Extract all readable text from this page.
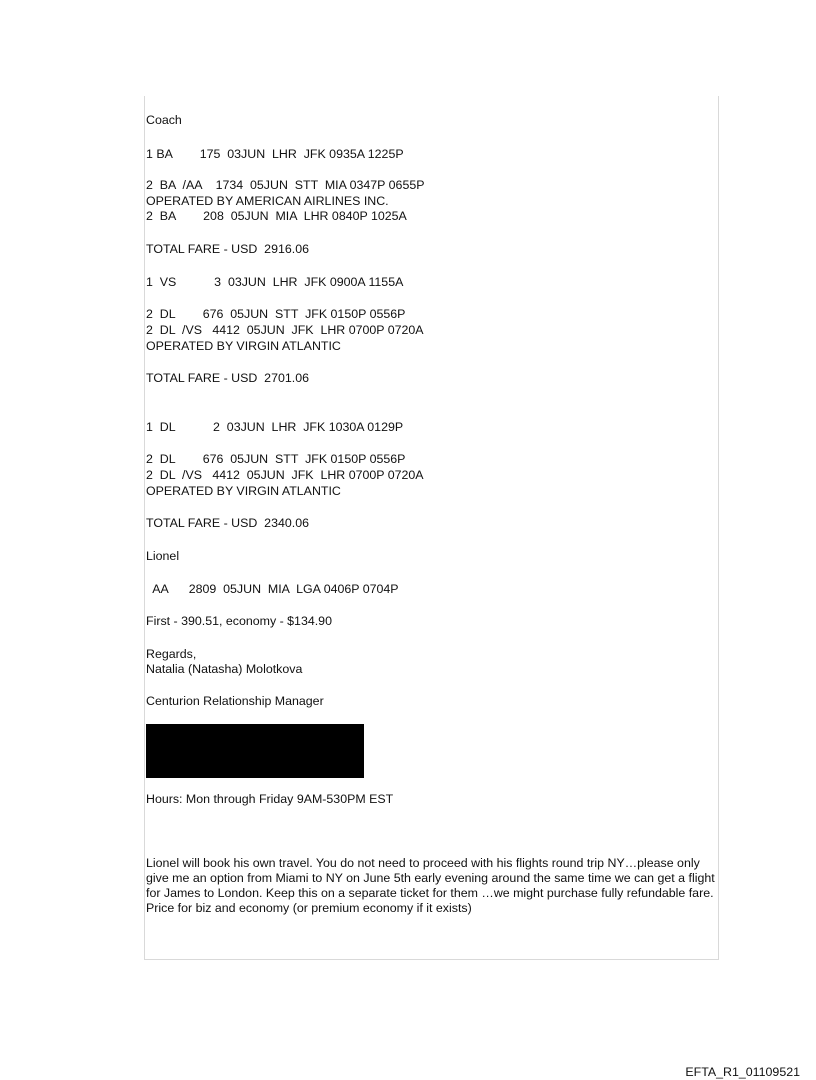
Coach

1 BA        175  03JUN  LHR  JFK 0935A 1225P

2  BA  /AA    1734  05JUN  STT  MIA 0347P 0655P

OPERATED BY AMERICAN AIRLINES INC.

2  BA        208  05JUN  MIA  LHR 0840P 1025A

TOTAL FARE - USD  2916.06

1  VS           3  03JUN  LHR  JFK 0900A 1155A

2  DL        676  05JUN  STT  JFK 0150P 0556P

2  DL  /VS   4412  05JUN  JFK  LHR 0700P 0720A

OPERATED BY VIRGIN ATLANTIC

TOTAL FARE - USD  2701.06

1  DL           2  03JUN  LHR  JFK 1030A 0129P

2  DL        676  05JUN  STT  JFK 0150P 0556P

2  DL  /VS   4412  05JUN  JFK  LHR 0700P 0720A

OPERATED BY VIRGIN ATLANTIC

TOTAL FARE - USD  2340.06

Lionel

AA      2809  05JUN  MIA  LGA 0406P 0704P

First - 390.51, economy - $134.90

Regards,

Natalia (Natasha) Molotkova

Centurion Relationship Manager

Hours: Mon through Friday 9AM-530PM EST

Lionel will book his own travel. You do not need to proceed with his flights round trip NY…please only give me an option from Miami to NY on June 5th early evening around the same time we can get a flight for James to London. Keep this on a separate ticket for them …we might purchase fully refundable fare. Price for biz and economy (or premium economy if it exists)

EFTA_R1_01109521
